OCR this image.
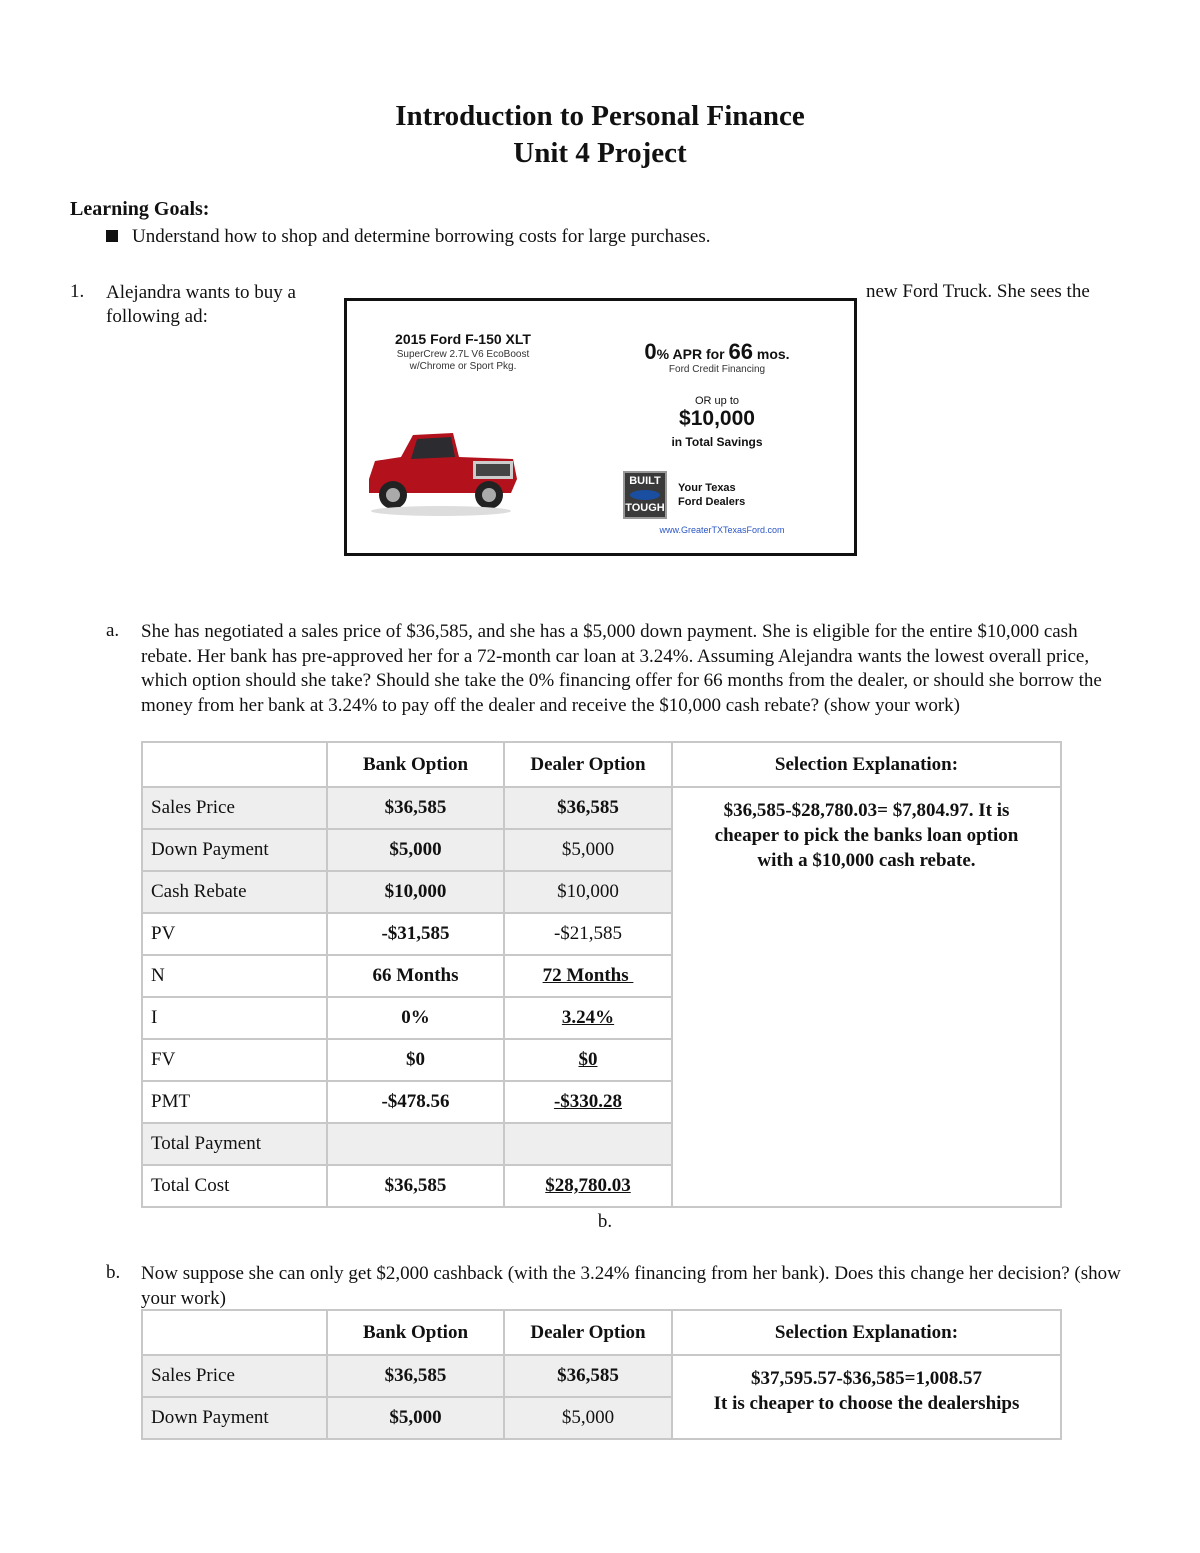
Introduction to Personal Finance
Unit 4 Project
Learning Goals:
Understand how to shop and determine borrowing costs for large purchases.
1. Alejandra wants to buy a
following ad:
new Ford Truck. She sees the
2015 Ford F-150 XLT
SuperCrew 2.7L V6 EcoBoost
w/Chrome or Sport Pkg.
0% APR for 66 mos.
Ford Credit Financing
OR up to
$10,000
in Total Savings
BUILT
TOUGH
Your Texas
Ford Dealers
www.GreaterTXTexasFord.com
a. She has negotiated a sales price of $36,585, and she has a $5,000 down payment. She is eligible for the entire $10,000 cash rebate. Her bank has pre-approved her for a 72-month car loan at 3.24%. Assuming Alejandra wants the lowest overall price, which option should she take? Should she take the 0% financing offer for 66 months from the dealer, or should she borrow the money from her bank at 3.24% to pay off the dealer and receive the $10,000 cash rebate? (show your work)
	Bank Option	Dealer Option	Selection Explanation:
Sales Price	$36,585	$36,585	$36,585-$28,780.03= $7,804.97. It is
cheaper to pick the banks loan option
with a $10,000 cash rebate.

Down Payment	$5,000	$5,000	
Cash Rebate	$10,000	$10,000	
PV	-$31,585	-$21,585	
N	66 Months	72 Months	
I	0%	3.24%	
FV	$0	$0	
PMT	-$478.56	-$330.28	
Total Payment			
Total Cost	$36,585	$28,780.03	
b.
b. Now suppose she can only get $2,000 cashback (with the 3.24% financing from her bank). Does this change her decision? (show your work)
	Bank Option	Dealer Option	Selection Explanation:
Sales Price	$36,585	$36,585	$37,595.57-$36,585=1,008.57
It is cheaper to choose the dealerships

Down Payment	$5,000	$5,000	
